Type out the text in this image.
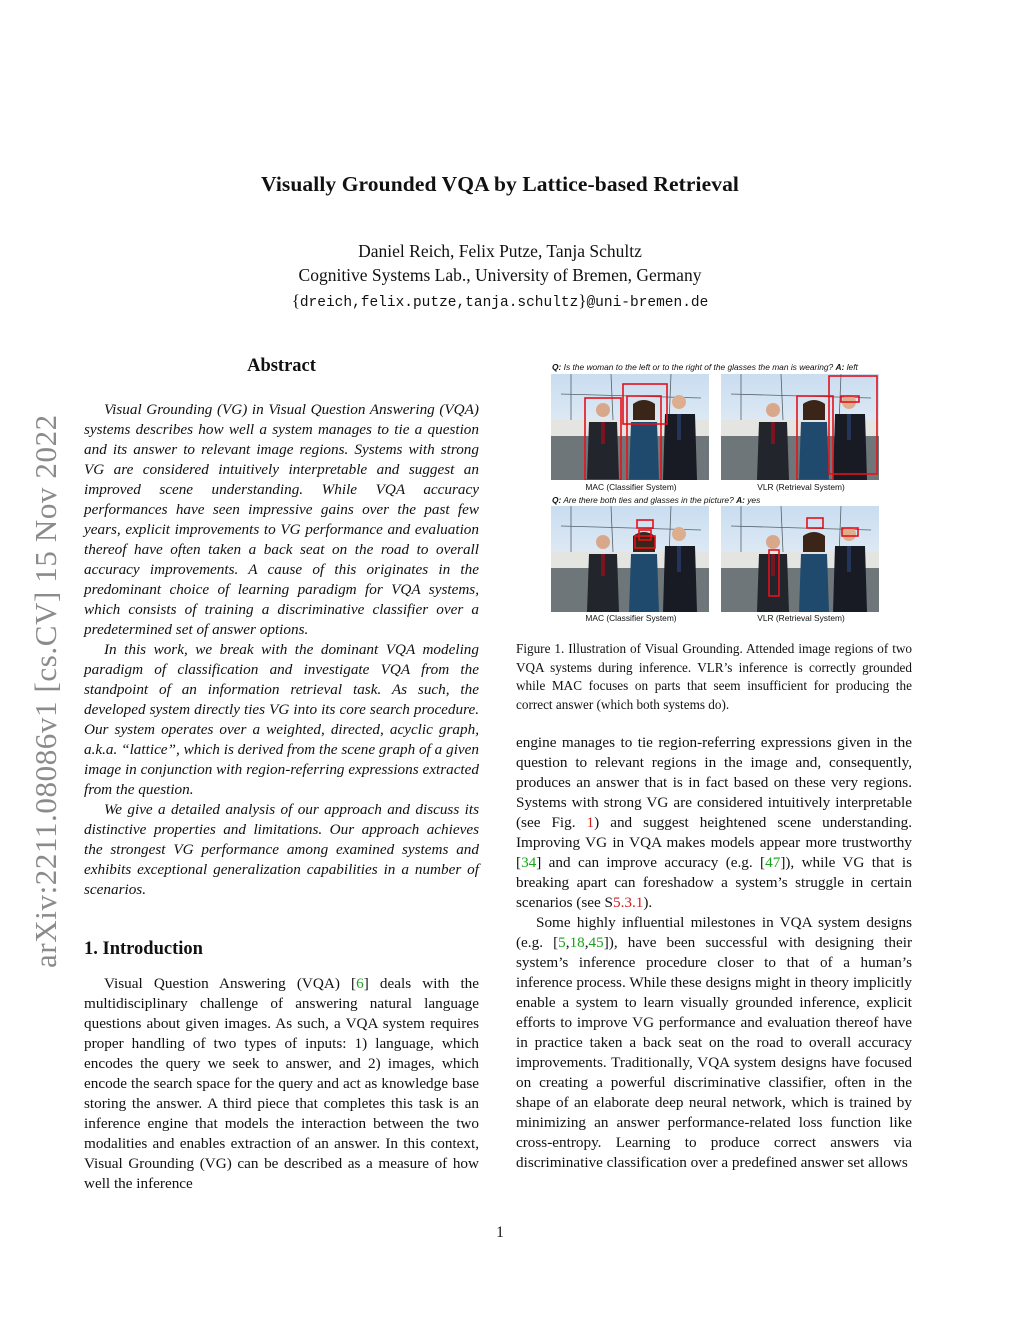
arXiv:2211.08086v1 [cs.CV] 15 Nov 2022
Visually Grounded VQA by Lattice-based Retrieval
Daniel Reich, Felix Putze, Tanja Schultz
Cognitive Systems Lab., University of Bremen, Germany
{dreich,felix.putze,tanja.schultz}@uni-bremen.de
Abstract

Visual Grounding (VG) in Visual Question Answering (VQA) systems describes how well a system manages to tie a question and its answer to relevant image regions. Systems with strong VG are considered intuitively interpretable and suggest an improved scene understanding. While VQA accuracy performances have seen impressive gains over the past few years, explicit improvements to VG performance and evaluation thereof have often taken a back seat on the road to overall accuracy improvements. A cause of this originates in the predominant choice of learning paradigm for VQA systems, which consists of training a discriminative classifier over a predetermined set of answer options.

In this work, we break with the dominant VQA modeling paradigm of classification and investigate VQA from the standpoint of an information retrieval task. As such, the developed system directly ties VG into its core search procedure. Our system operates over a weighted, directed, acyclic graph, a.k.a. “lattice”, which is derived from the scene graph of a given image in conjunction with region-referring expressions extracted from the question.

We give a detailed analysis of our approach and discuss its distinctive properties and limitations. Our approach achieves the strongest VG performance among examined systems and exhibits exceptional generalization capabilities in a number of scenarios.

1. Introduction

Visual Question Answering (VQA) [6] deals with the multidisciplinary challenge of answering natural language questions about given images. As such, a VQA system requires proper handling of two types of inputs: 1) language, which encodes the query we seek to answer, and 2) images, which encode the search space for the query and act as knowledge base storing the answer. A third piece that completes this task is an inference engine that models the interaction between the two modalities and enables extraction of an answer. In this context, Visual Grounding (VG) can be described as a measure of how well the inference

Q: Is the woman to the left or to the right of the glasses the man is wearing? A: left
MAC (Classifier System)	VLR (Retrieval System)
Q: Are there both ties and glasses in the picture? A: yes
MAC (Classifier System)	VLR (Retrieval System)
Figure 1. Illustration of Visual Grounding. Attended image regions of two VQA systems during inference. VLR’s inference is correctly grounded while MAC focuses on parts that seem insufficient for producing the correct answer (which both systems do).

engine manages to tie region-referring expressions given in the question to relevant regions in the image and, consequently, produces an answer that is in fact based on these very regions. Systems with strong VG are considered intuitively interpretable (see Fig. 1) and suggest heightened scene understanding. Improving VG in VQA makes models appear more trustworthy [34] and can improve accuracy (e.g. [47]), while VG that is breaking apart can foreshadow a system’s struggle in certain scenarios (see S5.3.1).

Some highly influential milestones in VQA system designs (e.g. [5,18,45]), have been successful with designing their system’s inference procedure closer to that of a human’s inference process. While these designs might in theory implicitly enable a system to learn visually grounded inference, explicit efforts to improve VG performance and evaluation thereof have in practice taken a back seat on the road to overall accuracy improvements. Traditionally, VQA system designs have focused on creating a powerful discriminative classifier, often in the shape of an elaborate deep neural network, which is trained by minimizing an answer performance-related loss function like cross-entropy. Learning to produce correct answers via discriminative classification over a predefined answer set allows

1
